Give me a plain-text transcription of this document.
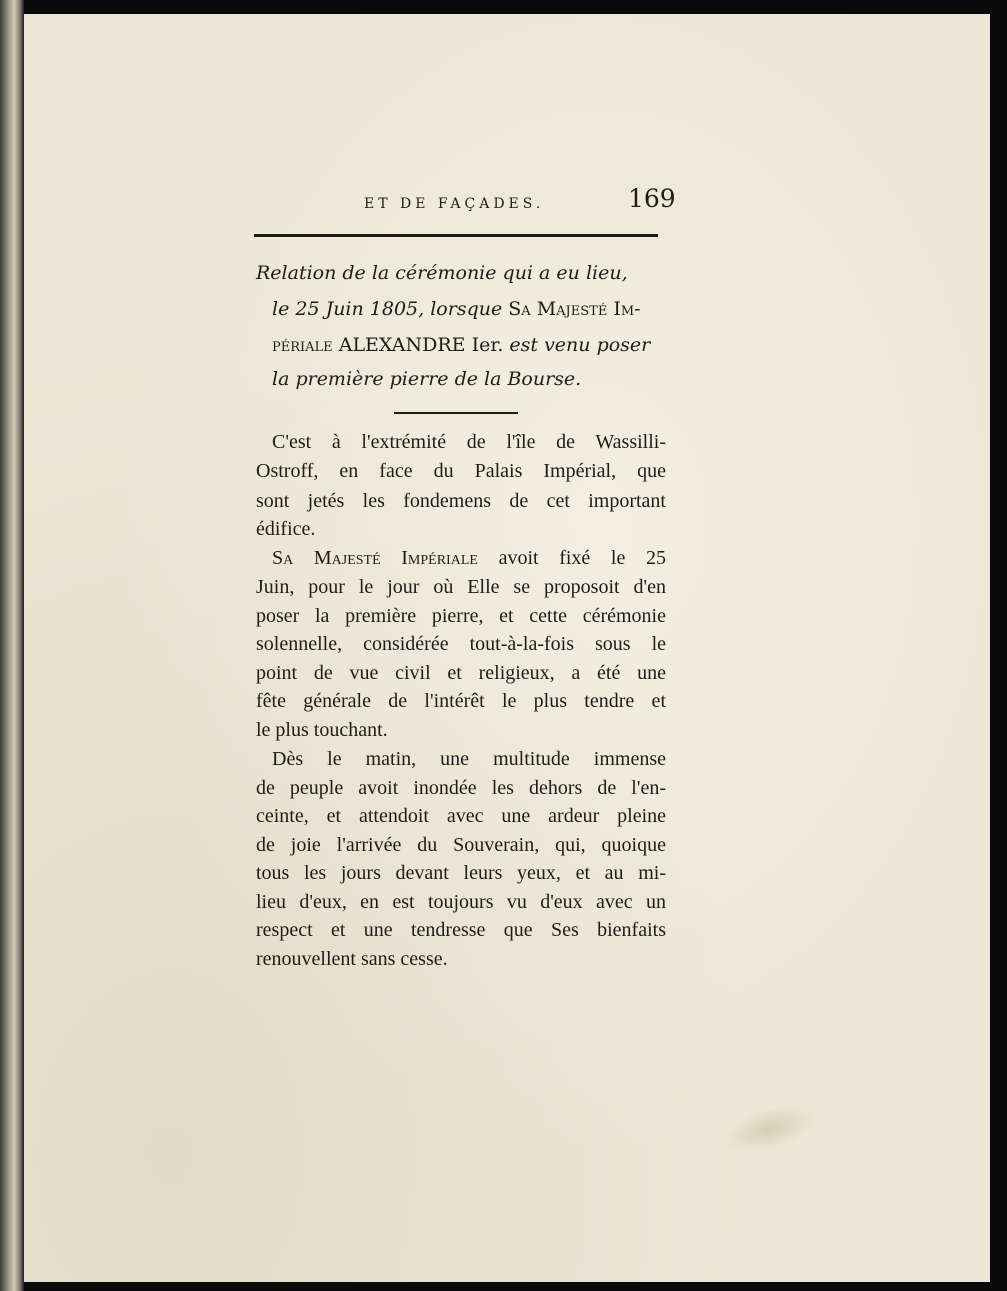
ET DE FAÇADES.	169
Relation de la cérémonie qui a eu lieu,
le 25 Juin 1805, lorsque Sa Majesté Im-
périale ALEXANDRE Ier. est venu poser
la première pierre de la Bourse.
C'est à l'extrémité de l'île de Wassilli-
Ostroff, en face du Palais Impérial, que
sont jetés les fondemens de cet important
édifice.
Sa Majesté Impériale avoit fixé le 25
Juin, pour le jour où Elle se proposoit d'en
poser la première pierre, et cette cérémonie
solennelle, considérée tout-à-la-fois sous le
point de vue civil et religieux, a été une
fête générale de l'intérêt le plus tendre et
le plus touchant.
Dès le matin, une multitude immense
de peuple avoit inondée les dehors de l'en-
ceinte, et attendoit avec une ardeur pleine
de joie l'arrivée du Souverain, qui, quoique
tous les jours devant leurs yeux, et au mi-
lieu d'eux, en est toujours vu d'eux avec un
respect et une tendresse que Ses bienfaits
renouvellent sans cesse.
